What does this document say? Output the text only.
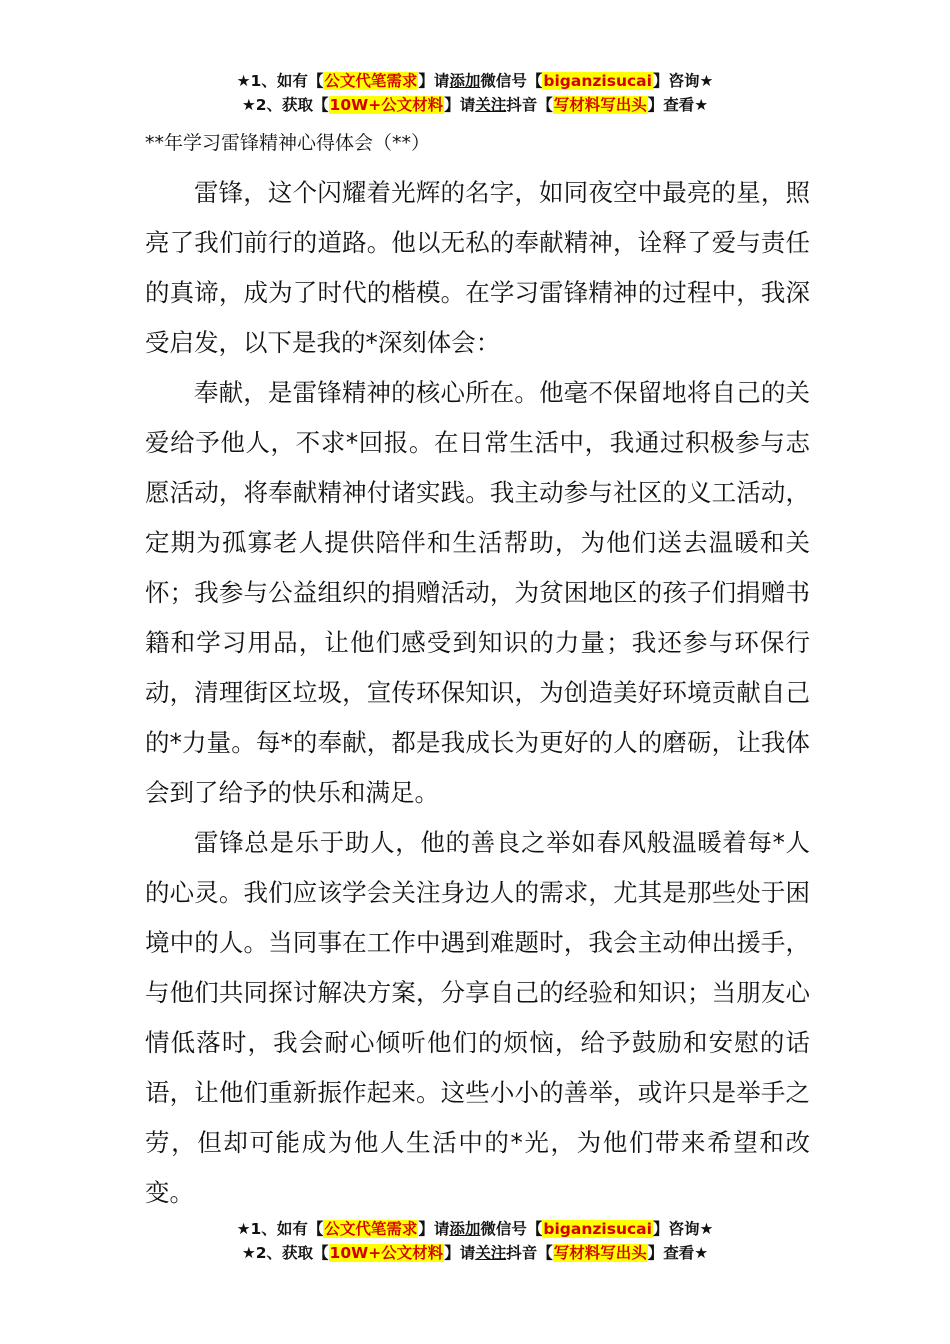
★1、如有【公文代笔需求】请添加微信号【biganzisucai】咨询★
★2、获取【10W+公文材料】请关注抖音【写材料写出头】查看★
**年学习雷锋精神心得体会（**）

雷锋，这个闪耀着光辉的名字，如同夜空中最亮的星，照亮了我们前行的道路。他以无私的奉献精神，诠释了爱与责任的真谛，成为了时代的楷模。在学习雷锋精神的过程中，我深受启发，以下是我的*深刻体会：

奉献，是雷锋精神的核心所在。他毫不保留地将自己的关爱给予他人，不求*回报。在日常生活中，我通过积极参与志愿活动，将奉献精神付诸实践。我主动参与社区的义工活动，定期为孤寡老人提供陪伴和生活帮助，为他们送去温暖和关怀；我参与公益组织的捐赠活动，为贫困地区的孩子们捐赠书籍和学习用品，让他们感受到知识的力量；我还参与环保行动，清理街区垃圾，宣传环保知识，为创造美好环境贡献自己的*力量。每*的奉献，都是我成长为更好的人的磨砺，让我体会到了给予的快乐和满足。

雷锋总是乐于助人，他的善良之举如春风般温暖着每*人的心灵。我们应该学会关注身边人的需求，尤其是那些处于困境中的人。当同事在工作中遇到难题时，我会主动伸出援手，与他们共同探讨解决方案，分享自己的经验和知识；当朋友心情低落时，我会耐心倾听他们的烦恼，给予鼓励和安慰的话语，让他们重新振作起来。这些小小的善举，或许只是举手之劳，但却可能成为他人生活中的*光，为他们带来希望和改变。

★1、如有【公文代笔需求】请添加微信号【biganzisucai】咨询★
★2、获取【10W+公文材料】请关注抖音【写材料写出头】查看★
